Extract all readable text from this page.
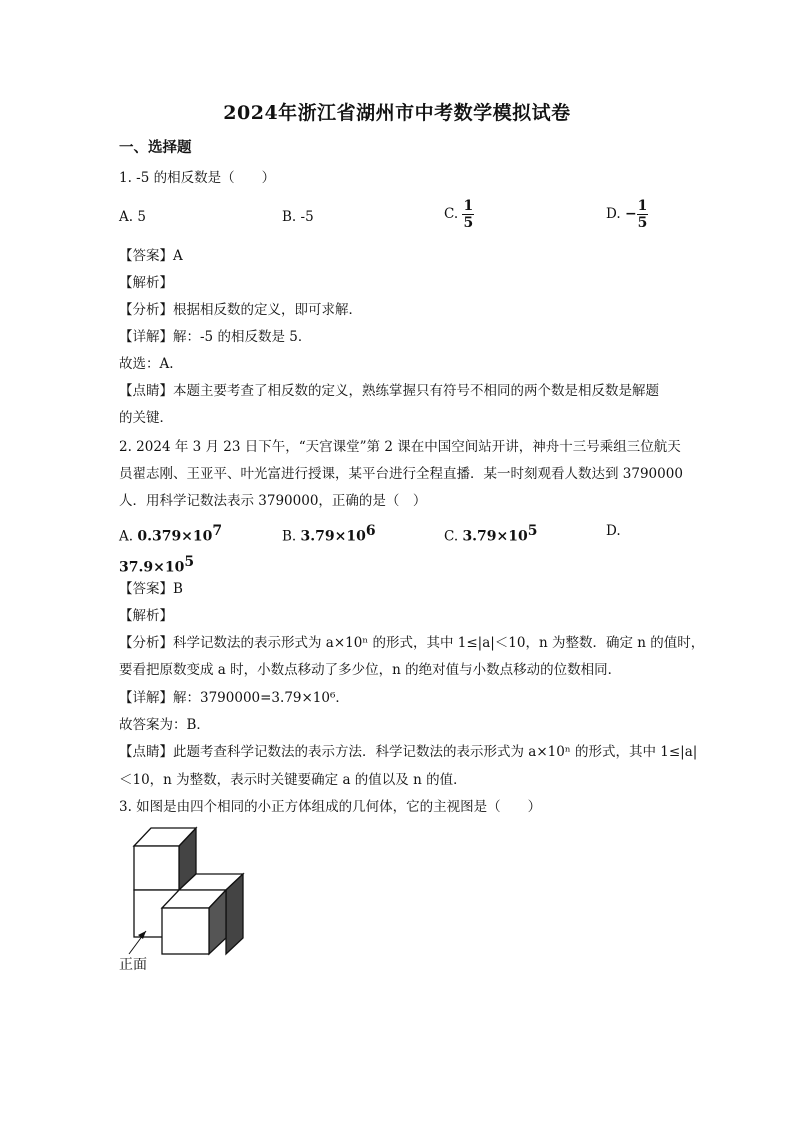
2024年浙江省湖州市中考数学模拟试卷
一、选择题
1. ‑5 的相反数是（　　）
A. 5	B. ‑5	C. $\frac{1}{5}$	D. − $\frac{1}{5}$
【答案】A
【解析】
【分析】根据相反数的定义，即可求解．
【详解】解：‑5 的相反数是 5．
故选：A.
【点睛】本题主要考查了相反数的定义，熟练掌握只有符号不相同的两个数是相反数是解题
的关键．
2. 2024 年 3 月 23 日下午，“天宫课堂”第 2 课在中国空间站开讲，神舟十三号乘组三位航天
员翟志刚、王亚平、叶光富进行授课，某平台进行全程直播．某一时刻观看人数达到 3790000
人．用科学记数法表示 3790000，正确的是（　）
A. $0.379\times 10^7$	B. $3.79\times 10^6$	C. $3.79\times 10^5$	D.
$37.9\times 10^5$
【答案】B
【解析】
【分析】科学记数法的表示形式为 a×10ⁿ 的形式，其中 1≤|a|＜10，n 为整数．确定 n 的值时，
要看把原数变成 a 时，小数点移动了多少位，n 的绝对值与小数点移动的位数相同．
【详解】解：3790000=3.79×10⁶．
故答案为：B．
【点睛】此题考查科学记数法的表示方法．科学记数法的表示形式为 a×10ⁿ 的形式，其中 1≤|a|
＜10，n 为整数，表示时关键要确定 a 的值以及 n 的值．
3. 如图是由四个相同的小正方体组成的几何体，它的主视图是（　　）
正面
